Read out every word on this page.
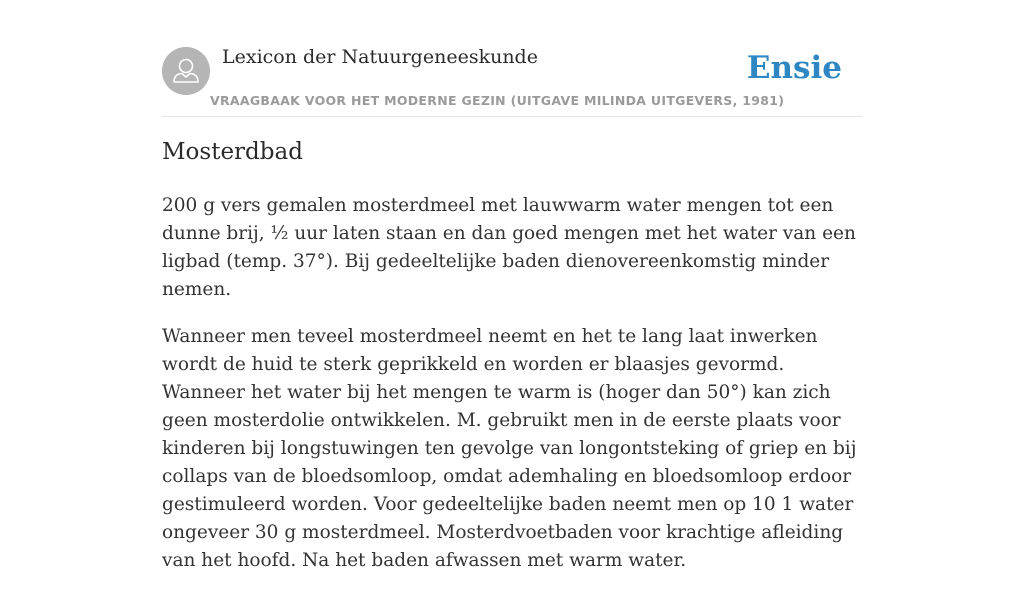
Lexicon der Natuurgeneeskunde
VRAAGBAAK VOOR HET MODERNE GEZIN (UITGAVE MILINDA UITGEVERS, 1981)
Ensie
Mosterdbad

200 g vers gemalen mosterdmeel met lauwwarm water mengen tot een dunne brij, ½ uur laten staan en dan goed mengen met het water van een ligbad (temp. 37°). Bij gedeeltelijke baden dienovereenkomstig minder nemen.

Wanneer men teveel mosterdmeel neemt en het te lang laat inwerken wordt de huid te sterk geprikkeld en worden er blaasjes gevormd. Wanneer het water bij het mengen te warm is (hoger dan 50°) kan zich geen mosterdolie ontwikkelen. M. gebruikt men in de eerste plaats voor kinderen bij longstuwingen ten gevolge van longontsteking of griep en bij collaps van de bloedsomloop, omdat ademhaling en bloedsomloop erdoor gestimuleerd worden. Voor gedeeltelijke baden neemt men op 10 1 water ongeveer 30 g mosterdmeel. Mosterdvoetbaden voor krachtige afleiding van het hoofd. Na het baden afwassen met warm water.
